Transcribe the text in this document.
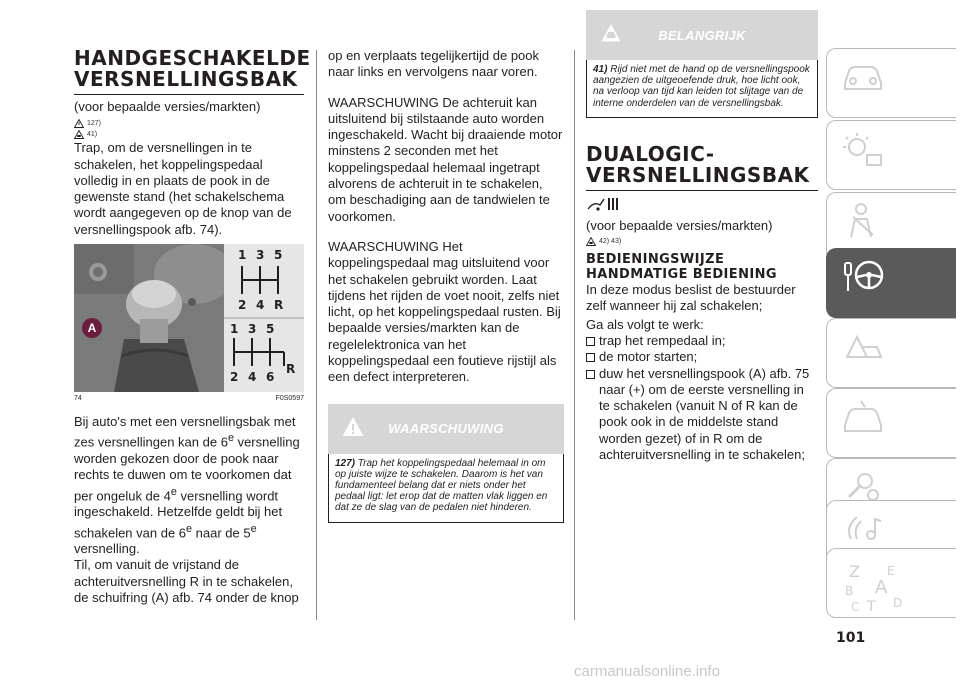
HANDGESCHAKELDE
VERSNELLINGSBAK
(voor bepaalde versies/markten)
127)
41)
Trap, om de versnellingen in te schakelen, het koppelingspedaal volledig in en plaats de pook in de gewenste stand (het schakelschema wordt aangegeven op de knop van de versnellingspook afb. 74).
A
1 3 5
2 4 R
1 3 5
2 4 6
R
74	F0S0597
Bij auto's met een versnellingsbak met zes versnellingen kan de 6e versnelling worden gekozen door de pook naar rechts te duwen om te voorkomen dat per ongeluk de 4e versnelling wordt ingeschakeld. Hetzelfde geldt bij het schakelen van de 6e naar de 5e versnelling.
Til, om vanuit de vrijstand de achteruitversnelling R in te schakelen, de schuifring (A) afb. 74 onder de knop
op en verplaats tegelijkertijd de pook naar links en vervolgens naar voren.
WAARSCHUWING De achteruit kan uitsluitend bij stilstaande auto worden ingeschakeld. Wacht bij draaiende motor minstens 2 seconden met het koppelingspedaal helemaal ingetrapt alvorens de achteruit in te schakelen, om beschadiging aan de tandwielen te voorkomen.
WAARSCHUWING Het koppelingspedaal mag uitsluitend voor het schakelen gebruikt worden. Laat tijdens het rijden de voet nooit, zelfs niet licht, op het koppelingspedaal rusten. Bij bepaalde versies/markten kan de regelelektronica van het koppelingspedaal een foutieve rijstijl als een defect interpreteren.
WAARSCHUWING
127) Trap het koppelingspedaal helemaal in om op juiste wijze te schakelen. Daarom is het van fundamenteel belang dat er niets onder het pedaal ligt: let erop dat de matten vlak liggen en dat ze de slag van de pedalen niet hinderen.
BELANGRIJK
41) Rijd niet met de hand op de versnellingspook aangezien de uitgeoefende druk, hoe licht ook, na verloop van tijd kan leiden tot slijtage van de interne onderdelen van de versnellingsbak.
DUALOGIC-
VERSNELLINGSBAK
(voor bepaalde versies/markten)
42) 43)
BEDIENINGSWIJZE
HANDMATIGE BEDIENING
In deze modus beslist de bestuurder zelf wanneer hij zal schakelen;
Ga als volgt te werk:
trap het rempedaal in;
de motor starten;
duw het versnellingspook (A) afb. 75 naar (+) om de eerste versnelling in te schakelen (vanuit N of R kan de pook ook in de middelste stand worden gezet) of in R om de achteruitversnelling in te schakelen;
Z E
B A
C T D
101
carmanualsonline.info
